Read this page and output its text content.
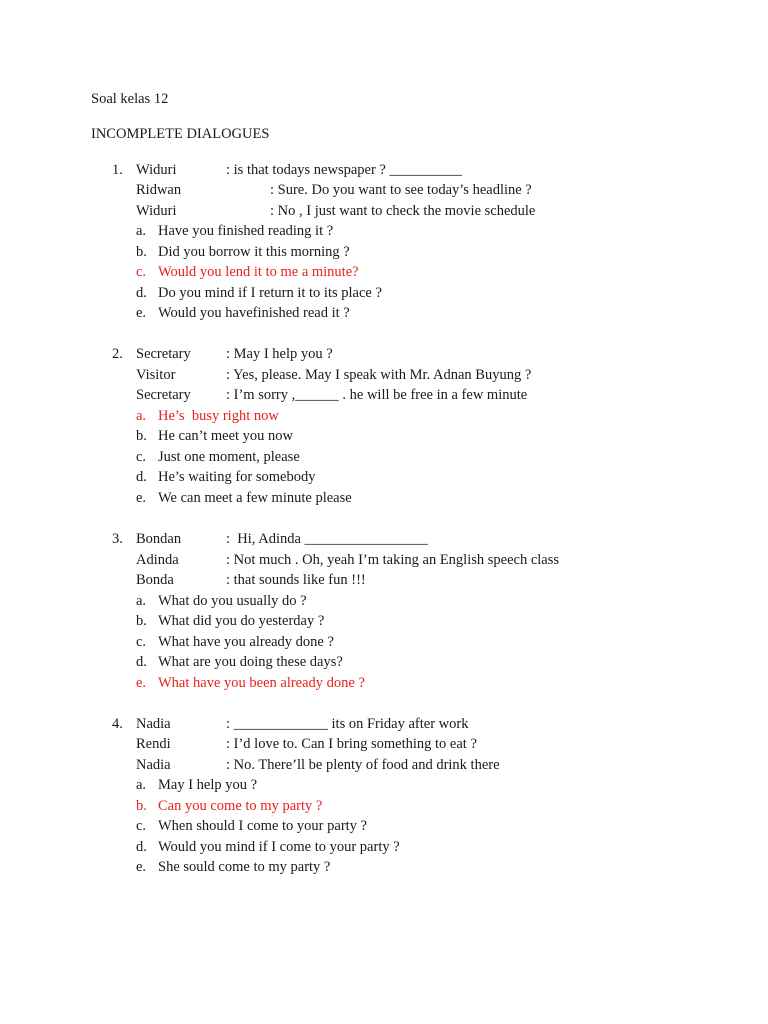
Soal kelas 12
INCOMPLETE DIALOGUES
1. Widuri	: is that todays newspaper ? __________
Ridwan	: Sure. Do you want to see today’s headline ?
Widuri	: No , I just want to check the movie schedule
a. Have you finished reading it ?
b. Did you borrow it this morning ?
c. Would you lend it to me a minute?
d. Do you mind if I return it to its place ?
e. Would you havefinished read it ?
2. Secretary : May I help you ?
Visitor	: Yes, please. May I speak with Mr. Adnan Buyung ?
Secretary : I’m sorry ,______ . he will be free in a few minute
a. He’s  busy right now
b. He can’t meet you now
c. Just one moment, please
d. He’s waiting for somebody
e. We can meet a few minute please
3. Bondan	:  Hi, Adinda _________________
Adinda	: Not much . Oh, yeah I’m taking an English speech class
Bonda	: that sounds like fun !!!
a. What do you usually do ?
b. What did you do yesterday ?
c. What have you already done ?
d. What are you doing these days?
e. What have you been already done ?
4. Nadia	: _____________ its on Friday after work
Rendi	: I’d love to. Can I bring something to eat ?
Nadia	: No. There’ll be plenty of food and drink there
a. May I help you ?
b. Can you come to my party ?
c. When should I come to your party ?
d. Would you mind if I come to your party ?
e. She sould come to my party ?
